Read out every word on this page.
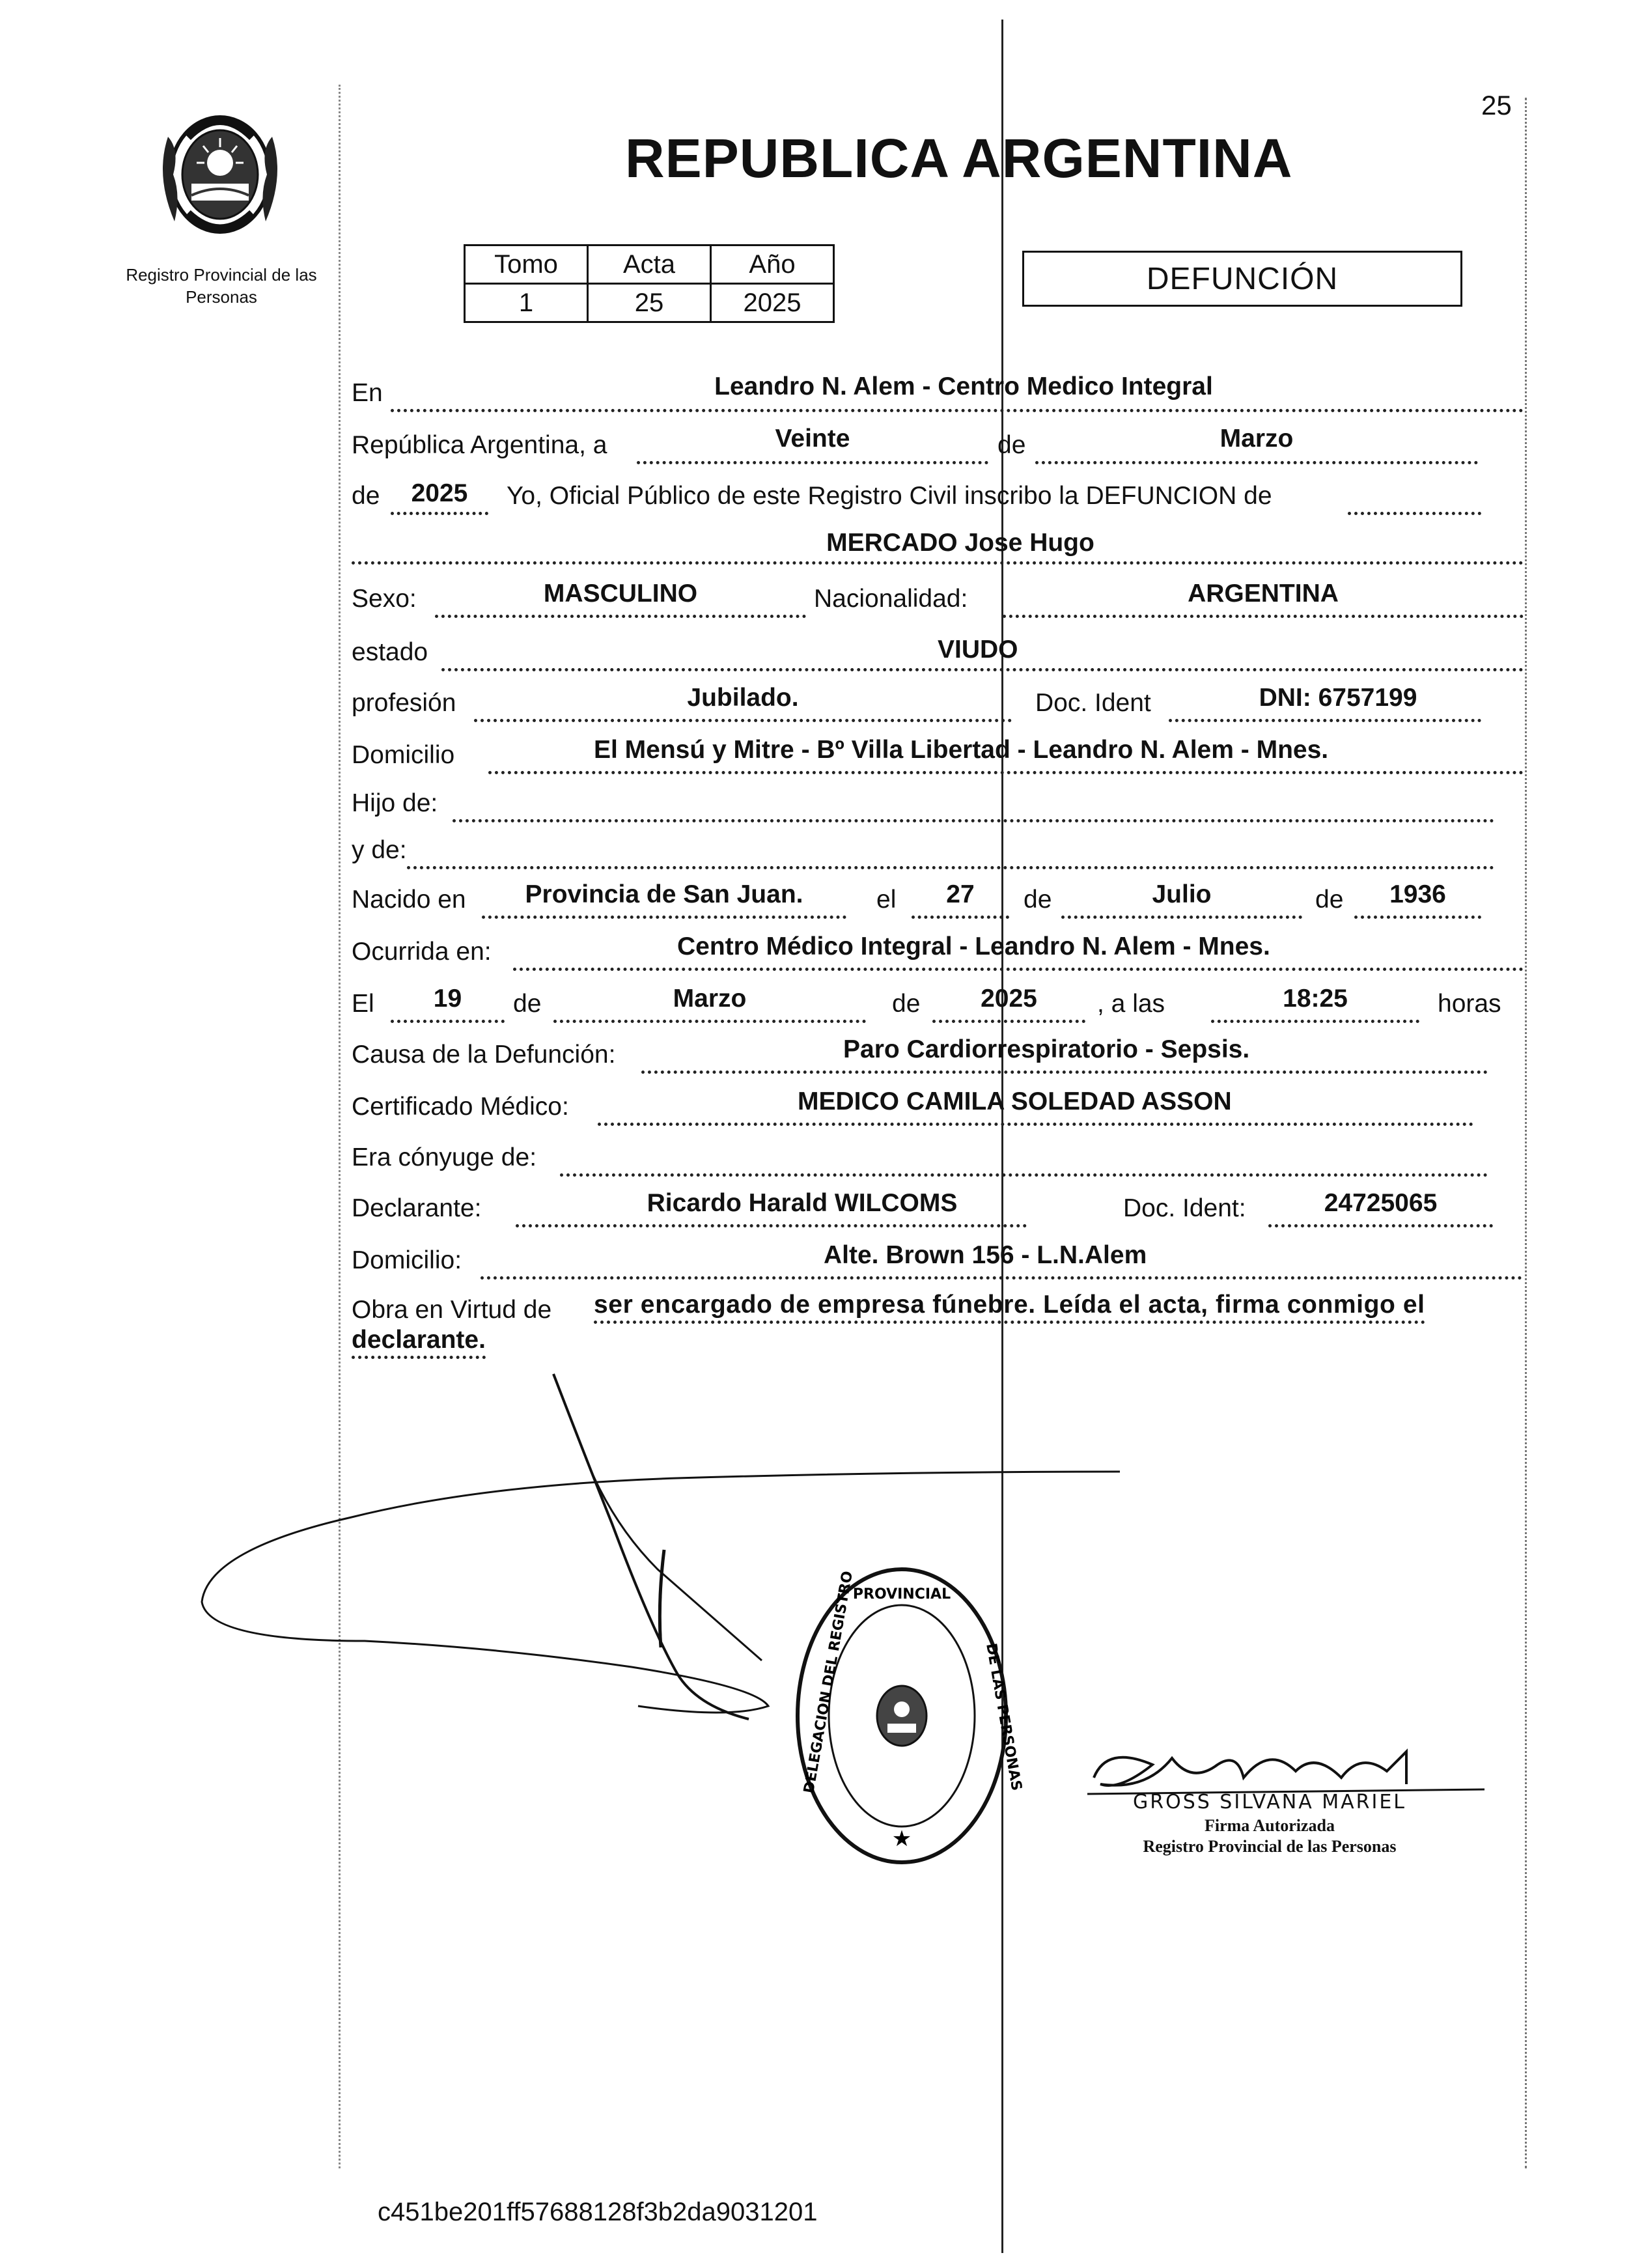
Registro Provincial de las Personas
REPUBLICA ARGENTINA
25
Tomo	Acta	Año
1	25	2025
DEFUNCIÓN
En	Leandro N. Alem - Centro Medico Integral
República Argentina, a	Veinte	de	Marzo
de	2025	Yo, Oficial Público de este Registro Civil inscribo la DEFUNCION de
MERCADO Jose Hugo
Sexo:	MASCULINO	Nacionalidad:	ARGENTINA
estado	VIUDO
profesión	Jubilado.	Doc. Ident	DNI: 6757199
Domicilio	El Mensú y Mitre - Bº Villa Libertad - Leandro N. Alem - Mnes.
Hijo de:
y de:
Nacido en	Provincia de San Juan.	el	27	de	Julio	de	1936
Ocurrida en:	Centro Médico Integral - Leandro N. Alem - Mnes.
El	19	de	Marzo	de	2025	, a las	18:25	horas
Causa de la Defunción:	Paro Cardiorrespiratorio - Sepsis.
Certificado Médico:	MEDICO CAMILA SOLEDAD ASSON
Era cónyuge de:
Declarante:	Ricardo Harald WILCOMS	Doc. Ident:	24725065
Domicilio:	Alte. Brown 156 - L.N.Alem
Obra en Virtud de ser encargado de empresa fúnebre. Leída el acta, firma conmigo el
declarante.
PROVINCIAL
DELEGACION DEL REGISTRO	DE LAS PERSONAS
★
GROSS SILVANA MARIEL
Firma Autorizada
Registro Provincial de las Personas
c451be201ff57688128f3b2da9031201
